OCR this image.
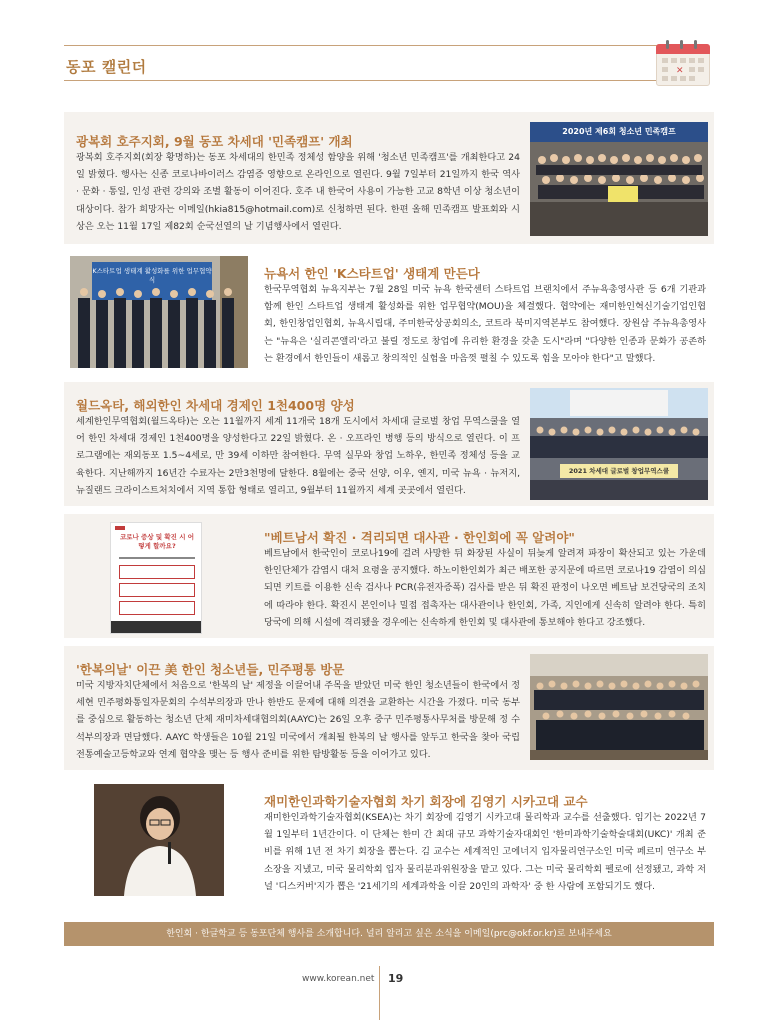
동포 캘린더	✕
광복회 호주지회, 9월 동포 차세대 '민족캠프' 개최

광복회 호주지회(회장 황명하)는 동포 차세대의 한민족 정체성 함양을 위해 '청소년 민족캠프'를 개최한다고 24일 밝혔다. 행사는 신종 코로나바이러스 감염증 영향으로 온라인으로 열린다. 9월 7일부터 21일까지 한국 역사 · 문화 · 통일, 인성 관련 강의와 조별 활동이 이어진다. 호주 내 한국어 사용이 가능한 고교 8학년 이상 청소년이 대상이다. 참가 희망자는 이메일(hkia815@hotmail.com)로 신청하면 된다. 한편 올해 민족캠프 발표회와 시상은 오는 11월 17일 제82회 순국선열의 날 기념행사에서 열린다.

2020년 제6회 청소년 민족캠프
K스타트업 생태계 활성화를 위한 업무협약식	뉴욕서 한인 'K스타트업' 생태계 만든다

한국무역협회 뉴욕지부는 7월 28일 미국 뉴욕 한국센터 스타트업 브랜치에서 주뉴욕총영사관 등 6개 기관과 함께 한인 스타트업 생태계 활성화를 위한 업무협약(MOU)을 체결했다. 협약에는 재미한인혁신기술기업인협회, 한인창업인협회, 뉴욕시립대, 주미한국상공회의소, 코트라 북미지역본부도 참여했다. 장원삼 주뉴욕총영사는 "뉴욕은 '실리콘앨리'라고 불릴 정도로 창업에 유리한 환경을 갖춘 도시"라며 "다양한 인종과 문화가 공존하는 환경에서 한인들이 새롭고 창의적인 실험을 마음껏 펼칠 수 있도록 힘을 모아야 한다"고 말했다.

월드옥타, 해외한인 차세대 경제인 1천400명 양성

세계한인무역협회(월드옥타)는 오는 11월까지 세계 11개국 18개 도시에서 차세대 글로벌 창업 무역스쿨을 열어 한인 차세대 경제인 1천400명을 양성한다고 22일 밝혔다. 온 · 오프라인 병행 등의 방식으로 열린다. 이 프로그램에는 재외동포 1.5~4세로, 만 39세 이하만 참여한다. 무역 실무와 창업 노하우, 한민족 정체성 등을 교육한다. 지난해까지 16년간 수료자는 2만3천명에 달한다. 8월에는 중국 선양, 이우, 옌지, 미국 뉴욕 · 뉴저지, 뉴질랜드 크라이스트처치에서 지역 통합 형태로 열리고, 9월부터 11월까지 세계 곳곳에서 열린다.

2021 차세대 글로벌 창업무역스쿨
코로나 증상 및 확진 시 어떻게 할까요?
"베트남서 확진 · 격리되면 대사관 · 한인회에 꼭 알려야"

베트남에서 한국인이 코로나19에 걸려 사망한 뒤 화장된 사실이 뒤늦게 알려져 파장이 확산되고 있는 가운데 한인단체가 감염시 대처 요령을 공지했다. 하노이한인회가 최근 배포한 공지문에 따르면 코로나19 감염이 의심되면 키트를 이용한 신속 검사나 PCR(유전자증폭) 검사를 받은 뒤 확진 판정이 나오면 베트남 보건당국의 조치에 따라야 한다. 확진시 본인이나 밀접 접촉자는 대사관이나 한인회, 가족, 지인에게 신속히 알려야 한다. 특히 당국에 의해 시설에 격리됐을 경우에는 신속하게 한인회 및 대사관에 통보해야 한다고 강조했다.

'한복의날' 이끈 美 한인 청소년들, 민주평통 방문

미국 지방자치단체에서 처음으로 '한복의 날' 제정을 이끌어내 주목을 받았던 미국 한인 청소년들이 한국에서 정세현 민주평화통일자문회의 수석부의장과 만나 한반도 문제에 대해 의견을 교환하는 시간을 가졌다. 미국 동부를 중심으로 활동하는 청소년 단체 재미차세대협의회(AAYC)는 26일 오후 중구 민주평통사무처를 방문해 정 수석부의장과 면담했다. AAYC 학생들은 10월 21일 미국에서 개최될 한복의 날 행사를 앞두고 한국을 찾아 국립전통예술고등학교와 연계 협약을 맺는 등 행사 준비를 위한 탐방활동 등을 이어가고 있다.

재미한인과학기술자협회 차기 회장에 김영기 시카고대 교수

재미한인과학기술자협회(KSEA)는 차기 회장에 김영기 시카고대 물리학과 교수를 선출했다. 임기는 2022년 7월 1일부터 1년간이다. 이 단체는 한미 간 최대 규모 과학기술자대회인 '한미과학기술학술대회(UKC)' 개최 준비를 위해 1년 전 차기 회장을 뽑는다. 김 교수는 세계적인 고에너지 입자물리연구소인 미국 페르미 연구소 부소장을 지냈고, 미국 물리학회 입자 물리분과위원장을 맡고 있다. 그는 미국 물리학회 펠로에 선정됐고, 과학 저널 '디스커버'지가 뽑은 '21세기의 세계과학을 이끌 20인의 과학자' 중 한 사람에 포함되기도 했다.

한인회 · 한글학교 등 동포단체 행사를 소개합니다. 널리 알리고 싶은 소식을 이메일(prc@okf.or.kr)로 보내주세요
www.korean.net 19
